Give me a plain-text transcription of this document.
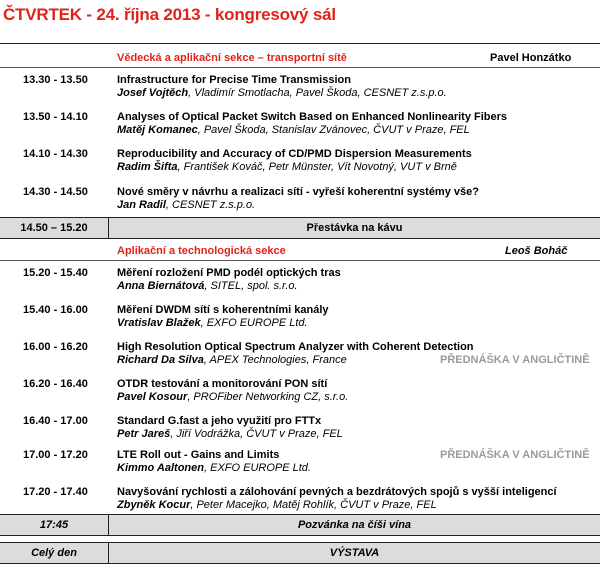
ČTVRTEK - 24. října 2013 - kongresový sál
Vědecká a aplikační sekce – transportní sítě	Pavel Honzátko
13.30 - 13.50	Infrastructure for Precise Time Transmission
Josef Vojtěch, Vladimír Smotlacha, Pavel Škoda, CESNET z.s.p.o.
13.50 - 14.10	Analyses of Optical Packet Switch Based on Enhanced Nonlinearity Fibers
Matěj Komanec, Pavel Škoda, Stanislav Zvánovec, ČVUT v Praze, FEL
14.10 - 14.30	Reproducibility and Accuracy of CD/PMD Dispersion Measurements
Radim Šifta, František Kováč, Petr Münster, Vít Novotný, VUT v Brně
14.30 - 14.50	Nové směry v návrhu a realizaci sítí - vyřeší koherentní systémy vše?
Jan Radil, CESNET z.s.p.o.
14.50 – 15.20	Přestávka na kávu
Aplikační a technologická sekce	Leoš Boháč
15.20 - 15.40	Měření rozložení PMD podél optických tras
Anna Biernátová, SITEL, spol. s.r.o.
15.40 - 16.00	Měření DWDM sítí s koherentními kanály
Vratislav Blažek, EXFO EUROPE Ltd.
16.00 - 16.20	High Resolution Optical Spectrum Analyzer with Coherent Detection
Richard Da Silva, APEX Technologies, France	PŘEDNÁŠKA V ANGLIČTINĚ
16.20 - 16.40	OTDR testování a monitorování PON sítí
Pavel Kosour, PROFiber Networking CZ, s.r.o.
16.40 - 17.00	Standard G.fast a jeho využití pro FTTx
Petr Jareš, Jiří Vodrážka, ČVUT v Praze, FEL
17.00 - 17.20	LTE Roll out - Gains and Limits	PŘEDNÁŠKA V ANGLIČTINĚ
Kimmo Aaltonen, EXFO EUROPE Ltd.
17.20 - 17.40	Navyšování rychlosti a zálohování pevných a bezdrátových spojů s vyšší inteligencí
Zbyněk Kocur, Peter Macejko, Matěj Rohlík, ČVUT v Praze, FEL
17:45	Pozvánka na číši vína
Celý den	VÝSTAVA
